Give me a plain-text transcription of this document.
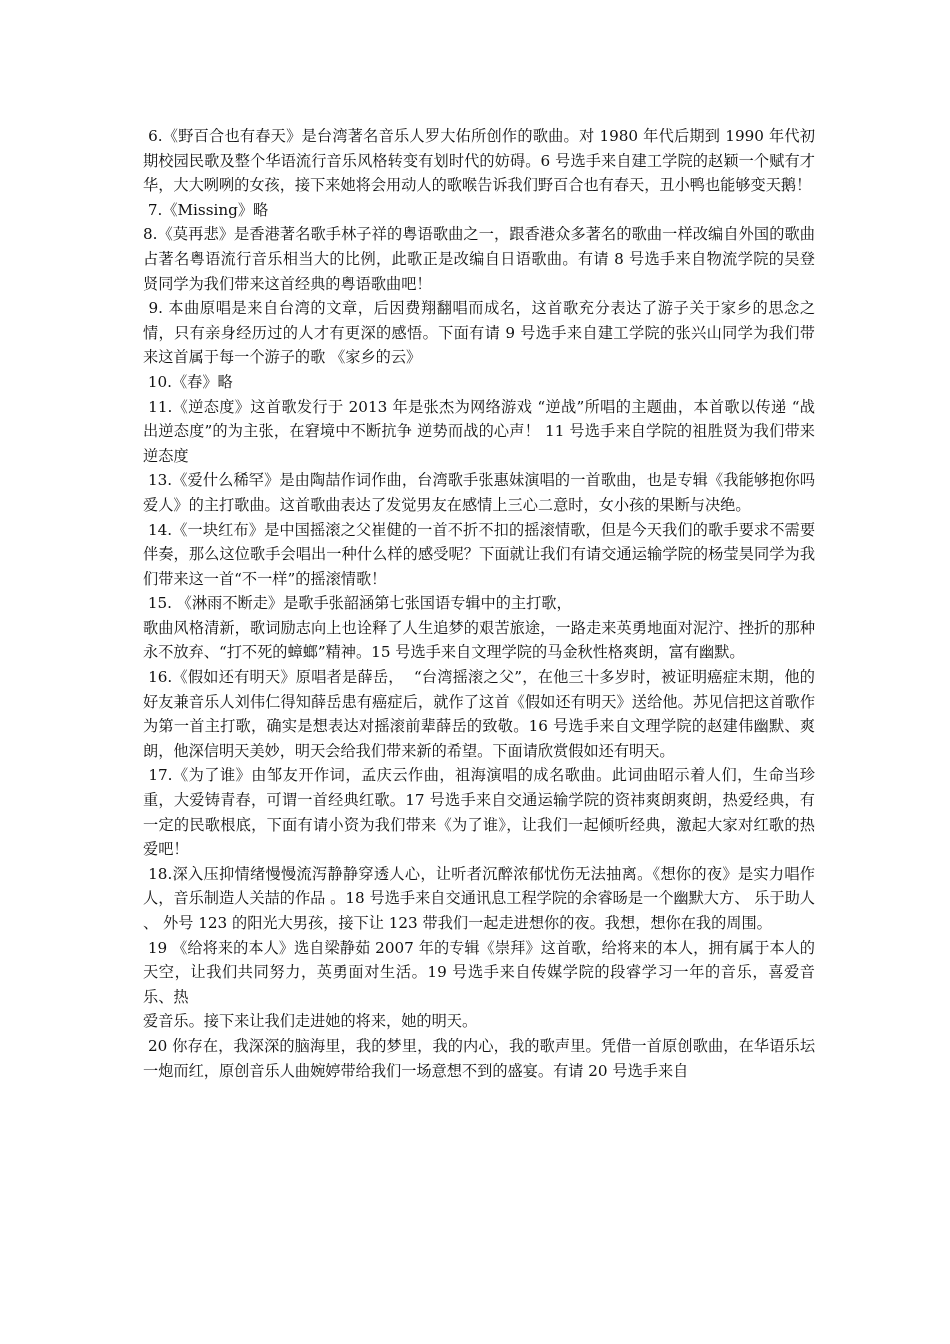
6.《野百合也有春天》是台湾著名音乐人罗大佑所创作的歌曲。对 1980 年代后期到 1990 年代初期校园民歌及整个华语流行音乐风格转变有划时代的妨碍。6 号选手来自建工学院的赵颖一个赋有才华，大大咧咧的女孩，接下来她将会用动人的歌喉告诉我们野百合也有春天，丑小鸭也能够变天鹅！

7.《Missing》略

8.《莫再悲》是香港著名歌手林子祥的粤语歌曲之一，跟香港众多著名的歌曲一样改编自外国的歌曲占著名粤语流行音乐相当大的比例，此歌正是改编自日语歌曲。有请 8 号选手来自物流学院的吴登贤同学为我们带来这首经典的粤语歌曲吧！

9. 本曲原唱是来自台湾的文章，后因费翔翻唱而成名，这首歌充分表达了游子关于家乡的思念之情，只有亲身经历过的人才有更深的感悟。下面有请 9 号选手来自建工学院的张兴山同学为我们带来这首属于每一个游子的歌 《家乡的云》

10.《春》略

11.《逆态度》这首歌发行于 2013 年是张杰为网络游戏 “逆战”所唱的主题曲，本首歌以传递 “战出逆态度”的为主张，在窘境中不断抗争 逆势而战的心声！ 11 号选手来自学院的祖胜贤为我们带来逆态度

13.《爱什么稀罕》是由陶喆作词作曲，台湾歌手张惠妹演唱的一首歌曲，也是专辑《我能够抱你吗爱人》的主打歌曲。这首歌曲表达了发觉男友在感情上三心二意时，女小孩的果断与决绝。

14.《一块红布》是中国摇滚之父崔健的一首不折不扣的摇滚情歌，但是今天我们的歌手要求不需要伴奏，那么这位歌手会唱出一种什么样的感受呢？下面就让我们有请交通运输学院的杨莹昊同学为我们带来这一首“不一样”的摇滚情歌！

15. 《淋雨不断走》是歌手张韶涵第七张国语专辑中的主打歌，

歌曲风格清新，歌词励志向上也诠释了人生追梦的艰苦旅途，一路走来英勇地面对泥泞、挫折的那种永不放弃、“打不死的蟑螂”精神。15 号选手来自文理学院的马金秋性格爽朗，富有幽默。

16.《假如还有明天》原唱者是薛岳，  “台湾摇滚之父”，在他三十多岁时，被证明癌症末期，他的好友兼音乐人刘伟仁得知薛岳患有癌症后，就作了这首《假如还有明天》送给他。苏见信把这首歌作为第一首主打歌，确实是想表达对摇滚前辈薛岳的致敬。16 号选手来自文理学院的赵建伟幽默、爽朗，他深信明天美妙，明天会给我们带来新的希望。下面请欣赏假如还有明天。

17.《为了谁》由邹友开作词，孟庆云作曲，祖海演唱的成名歌曲。此词曲昭示着人们，生命当珍重，大爱铸青春，可谓一首经典红歌。17 号选手来自交通运输学院的资祎爽朗爽朗，热爱经典，有一定的民歌根底，下面有请小资为我们带来《为了谁》，让我们一起倾听经典，激起大家对红歌的热爱吧！

18.深入压抑情绪慢慢流泻静静穿透人心，让听者沉醉浓郁忧伤无法抽离。《想你的夜》是实力唱作人，音乐制造人关喆的作品 。18 号选手来自交通讯息工程学院的余睿旸是一个幽默大方、 乐于助人 、 外号 123 的阳光大男孩，接下让 123 带我们一起走进想你的夜。我想，想你在我的周围。

19 《给将来的本人》选自梁静茹 2007 年的专辑《崇拜》这首歌，给将来的本人，拥有属于本人的天空，让我们共同努力，英勇面对生活。19 号选手来自传媒学院的段睿学习一年的音乐，喜爱音乐、热

爱音乐。接下来让我们走进她的将来，她的明天。

20 你存在，我深深的脑海里，我的梦里，我的内心，我的歌声里。凭借一首原创歌曲，在华语乐坛一炮而红，原创音乐人曲婉婷带给我们一场意想不到的盛宴。有请 20 号选手来自
